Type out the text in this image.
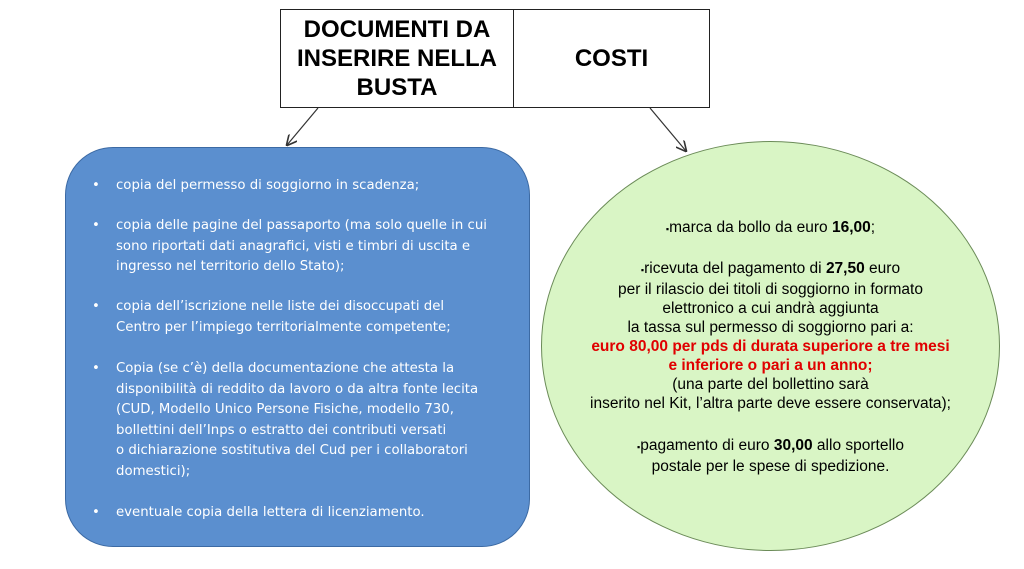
DOCUMENTI DA INSERIRE NELLA BUSTA
COSTI
• copia del permesso di soggiorno in scadenza;
• copia delle pagine del passaporto (ma solo quelle in cui
sono riportati dati anagrafici, visti e timbri di uscita e
ingresso nel territorio dello Stato);
• copia dell’iscrizione nelle liste dei disoccupati del
Centro per l’impiego territorialmente competente;
• Copia (se c’è) della documentazione che attesta la
disponibilità di reddito da lavoro o da altra fonte lecita
(CUD, Modello Unico Persone Fisiche, modello 730,
bollettini dell’Inps o estratto dei contributi versati
o dichiarazione sostitutiva del Cud per i collaboratori
domestici);
• eventuale copia della lettera di licenziamento.
▪marca da bollo da euro 16,00;
▪ricevuta del pagamento di 27,50 euro
per il rilascio dei titoli di soggiorno in formato
elettronico a cui andrà aggiunta
la tassa sul permesso di soggiorno pari a:
euro 80,00 per pds di durata superiore a tre mesi
e inferiore o pari a un anno;
(una parte del bollettino sarà
inserito nel Kit, l’altra parte deve essere conservata);
▪pagamento di euro 30,00 allo sportello
postale per le spese di spedizione.
